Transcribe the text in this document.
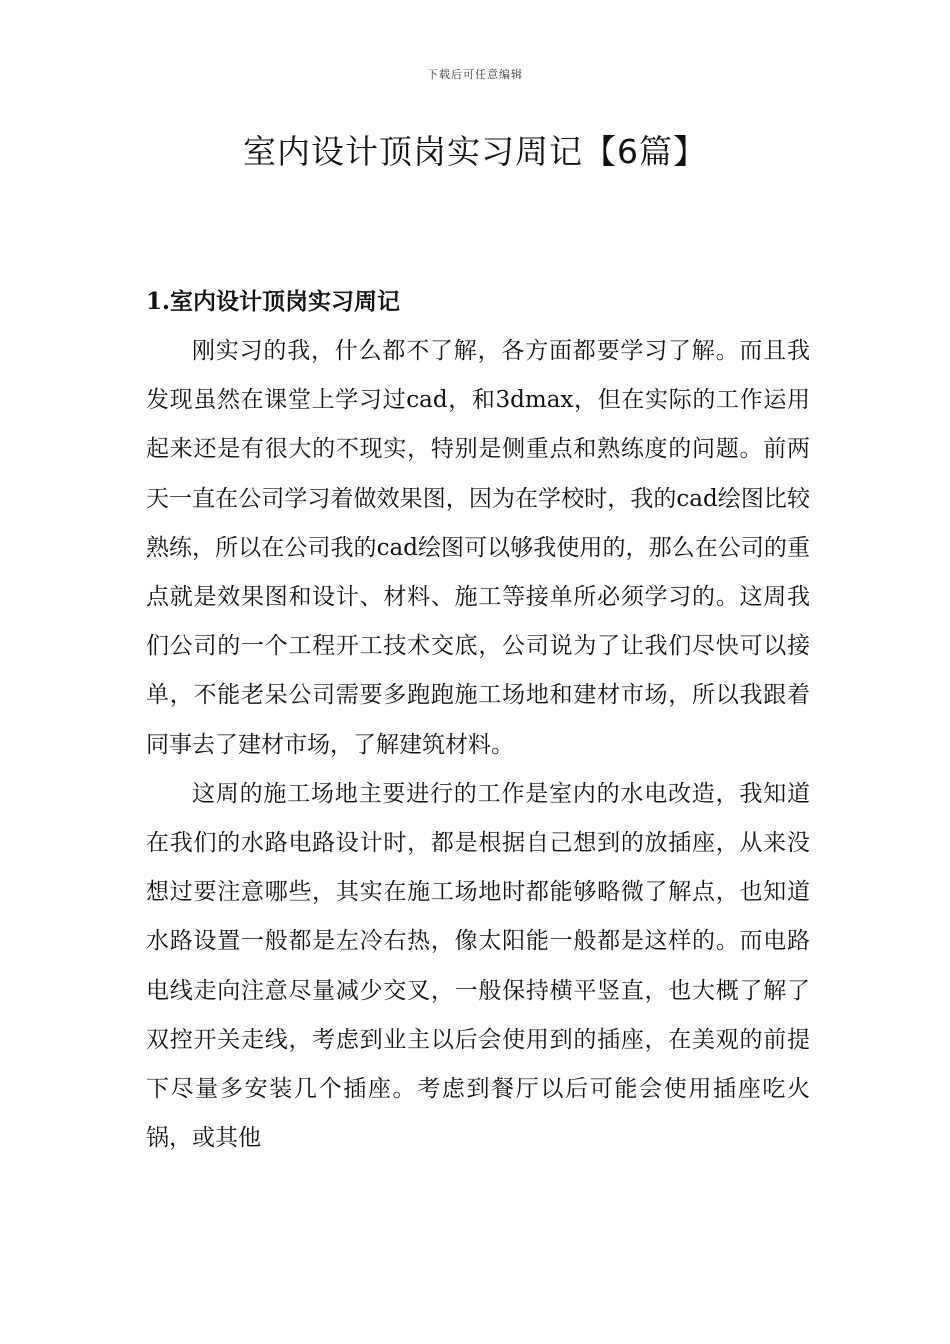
下载后可任意编辑
室内设计顶岗实习周记【6篇】
1.室内设计顶岗实习周记

刚实习的我，什么都不了解，各方面都要学习了解。而且我发现虽然在课堂上学习过cad，和3dmax，但在实际的工作运用起来还是有很大的不现实，特别是侧重点和熟练度的问题。前两天一直在公司学习着做效果图，因为在学校时，我的cad绘图比较熟练，所以在公司我的cad绘图可以够我使用的，那么在公司的重点就是效果图和设计、材料、施工等接单所必须学习的。这周我们公司的一个工程开工技术交底，公司说为了让我们尽快可以接单，不能老呆公司需要多跑跑施工场地和建材市场，所以我跟着同事去了建材市场，了解建筑材料。

这周的施工场地主要进行的工作是室内的水电改造，我知道在我们的水路电路设计时，都是根据自己想到的放插座，从来没想过要注意哪些，其实在施工场地时都能够略微了解点，也知道水路设置一般都是左冷右热，像太阳能一般都是这样的。而电路电线走向注意尽量减少交叉，一般保持横平竖直，也大概了解了双控开关走线，考虑到业主以后会使用到的插座，在美观的前提下尽量多安装几个插座。考虑到餐厅以后可能会使用插座吃火锅，或其他
